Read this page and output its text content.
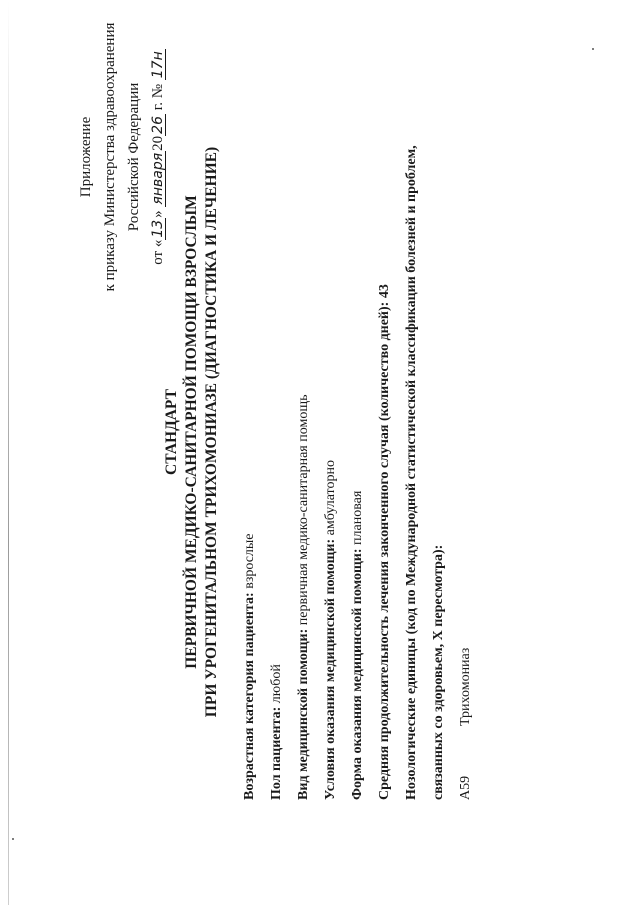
Приложение к приказу Министерства здравоохранения Российской Федерации
от «13» января2026 г. № 17н
СТАНДАРТ ПЕРВИЧНОЙ МЕДИКО-САНИТАРНОЙ ПОМОЩИ ВЗРОСЛЫМ ПРИ УРОГЕНИТАЛЬНОМ ТРИХОМОНИАЗЕ (ДИАГНОСТИКА И ЛЕЧЕНИЕ)	Возрастная категория пациента: взрослые
Пол пациента: любой Вид медицинской помощи: первичная медико-санитарная помощь
Условия оказания медицинской помощи: амбулаторно
Форма оказания медицинской помощи: плановая Средняя продолжительность лечения законченного случая (количество дней): 43 Нозологические единицы (код по Международной статистической классификации болезней и проблем, связанных со здоровьем, X пересмотра): A59
Трихомониаз
